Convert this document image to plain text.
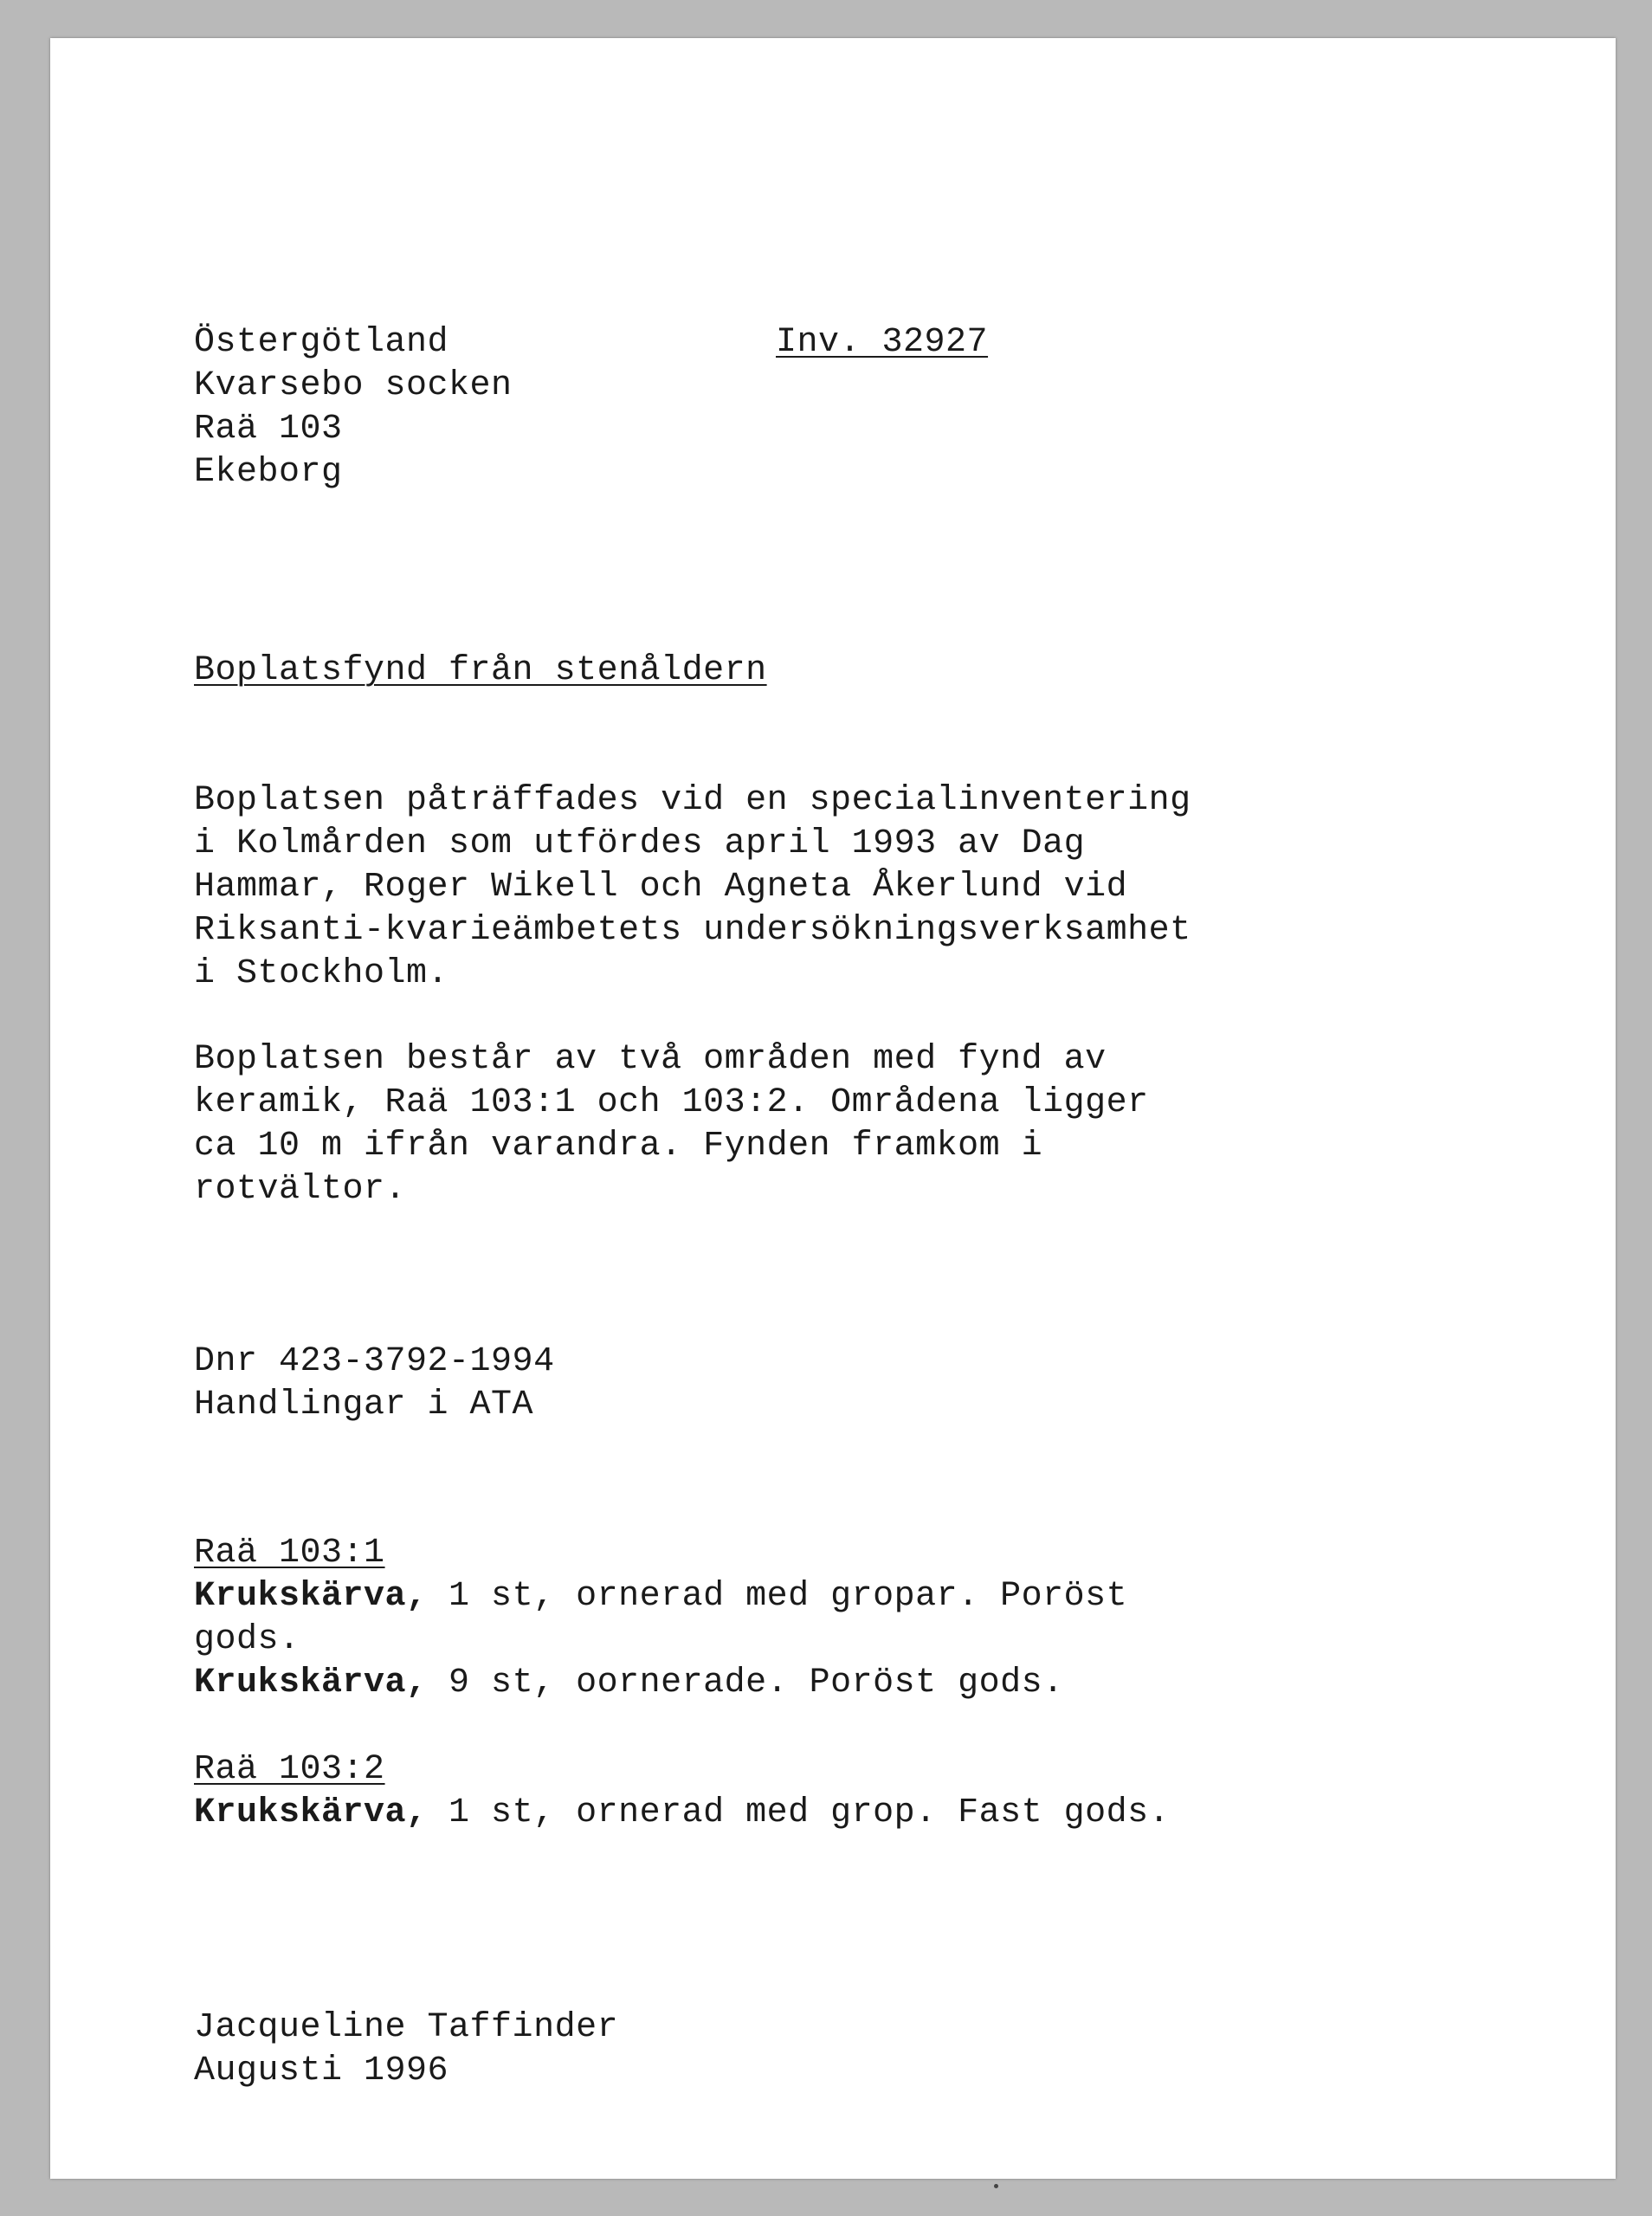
Östergötland	Inv. 32927

Kvarsebo socken

Raä 103

Ekeborg

Boplatsfynd från stenåldern

Boplatsen påträffades vid en specialinventering

i Kolmården som utfördes april 1993 av Dag

Hammar, Roger Wikell och Agneta Åkerlund vid

Riksanti-kvarieämbetets undersökningsverksamhet

i Stockholm.

Boplatsen består av två områden med fynd av

keramik, Raä 103:1 och 103:2. Områdena ligger

ca 10 m ifrån varandra. Fynden framkom i

rotvältor.

Dnr 423-3792-1994

Handlingar i ATA

Raä 103:1

Krukskärva, 1 st, ornerad med gropar. Poröst

gods.

Krukskärva, 9 st, oornerade. Poröst gods.

Raä 103:2

Krukskärva, 1 st, ornerad med grop. Fast gods.

Jacqueline Taffinder

Augusti 1996
